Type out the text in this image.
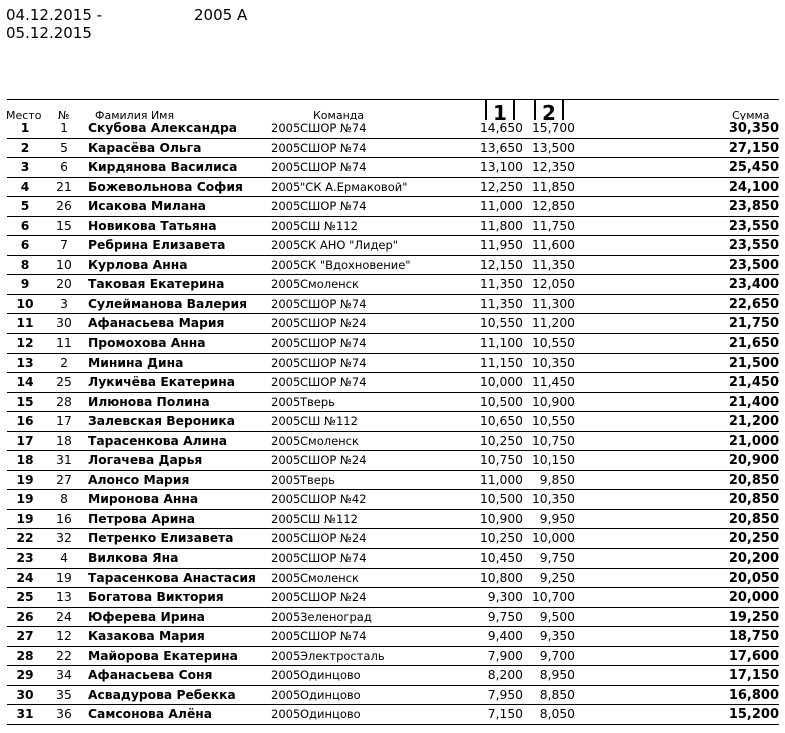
04.12.2015 - 05.12.2015
2005 А
Место № Фамилия Имя	Команда	1	2	Сумма
1	1	Скубова Александра	2005 СШОР №74	14,650 15,700	30,350
2	5	Карасёва Ольга	2005 СШОР №74	13,650 13,500	27,150
3	6	Кирдянова Василиса	2005 СШОР №74	13,100 12,350	25,450
4	21	Божевольнова София 2005 "СК А.Ермаковой"	12,250 11,850	24,100
5	26	Исакова Милана	2005 СШОР №74	11,000 12,850	23,850
6	15	Новикова Татьяна	2005 СШ №112	11,800 11,750	23,550
6	7	Ребрина Елизавета	2005 СК АНО "Лидер"	11,950 11,600	23,550
8	10	Курлова Анна	2005 СК "Вдохновение"	12,150 11,350	23,500
9	20	Таковая Екатерина	2005 Смоленск	11,350 12,050	23,400
10	3	Сулейманова Валерия 2005 СШОР №74	11,350 11,300	22,650
11	30	Афанасьева Мария	2005 СШОР №24	10,550 11,200	21,750
12	11	Промохова Анна	2005 СШОР №74	11,100 10,550	21,650
13	2	Минина Дина	2005 СШОР №74	11,150 10,350	21,500
14	25	Лукичёва Екатерина	2005 СШОР №74	10,000 11,450	21,450
15	28	Илюнова Полина	2005 Тверь	10,500 10,900	21,400
16	17	Залевская Вероника	2005 СШ №112	10,650 10,550	21,200
17	18	Тарасенкова Алина	2005 Смоленск	10,250 10,750	21,000
18	31	Логачева Дарья	2005 СШОР №24	10,750 10,150	20,900
19	27	Алонсо Мария	2005 Тверь	11,000	9,850	20,850
19	8	Миронова Анна	2005 СШОР №42	10,500 10,350	20,850
19	16	Петрова Арина	2005 СШ №112	10,900	9,950	20,850
22	32	Петренко Елизавета	2005 СШОР №24	10,250 10,000	20,250
23	4	Вилкова Яна	2005 СШОР №74	10,450	9,750	20,200
24	19	Тарасенкова Анастасия 2005 Смоленск	10,800	9,250	20,050
25	13	Богатова Виктория	2005 СШОР №24	9,300 10,700	20,000
26	24	Юферева Ирина	2005 Зеленоград	9,750	9,500	19,250
27	12	Казакова Мария	2005 СШОР №74	9,400	9,350	18,750
28	22	Майорова Екатерина	2005 Электросталь	7,900	9,700	17,600
29	34	Афанасьева Соня	2005 Одинцово	8,200	8,950	17,150
30	35	Асвадурова Ребекка	2005 Одинцово	7,950	8,850	16,800
31	36	Самсонова Алёна	2005 Одинцово	7,150	8,050	15,200
